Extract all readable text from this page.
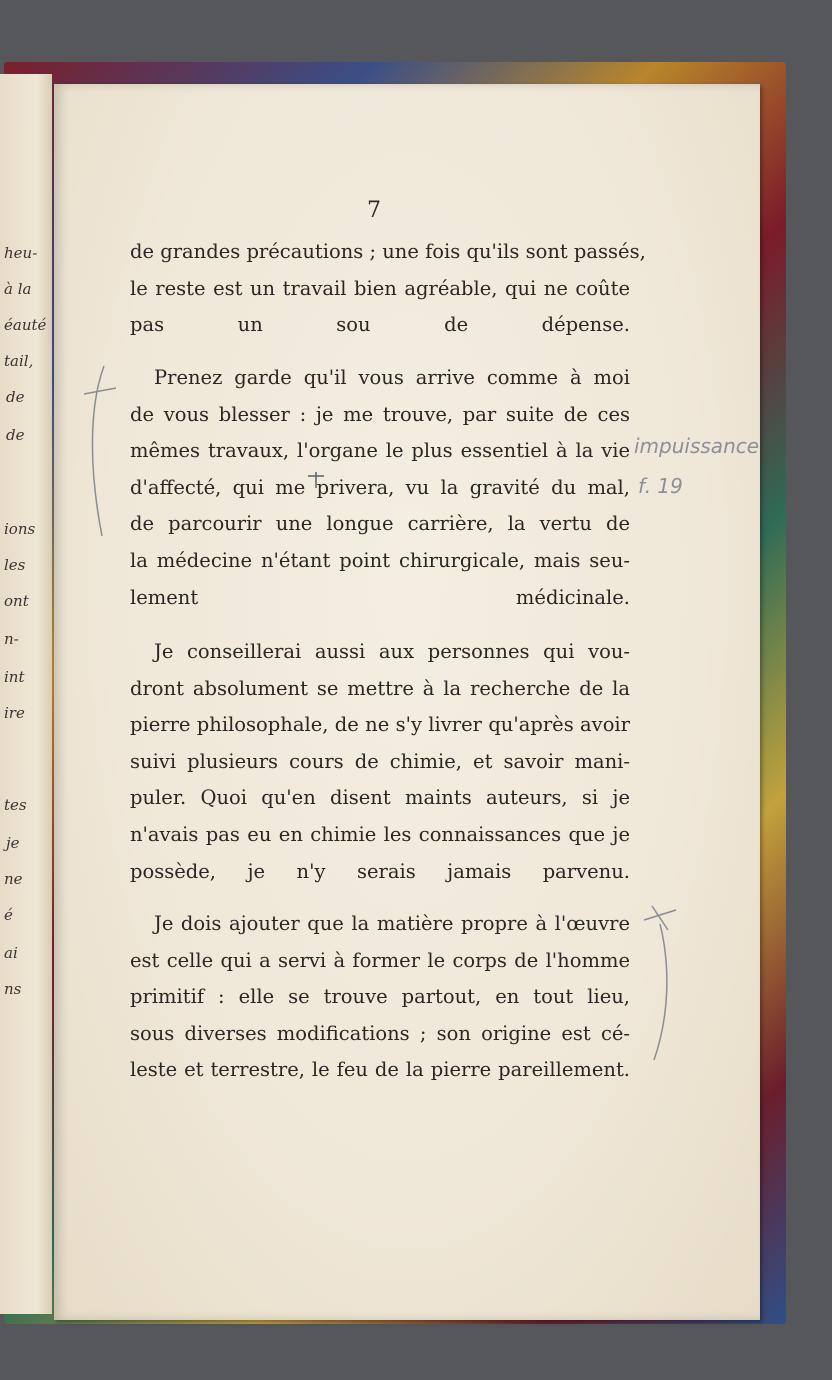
heu-
à la
éauté
tail,
de
de
ions
les
ont
n-
int
ire
tes
je
ne
é
ai
ns
7
de grandes précautions ; une fois qu'ils sont passés,
le reste est un travail bien agréable, qui ne coûte
pas un sou de dépense.
Prenez garde qu'il vous arrive comme à moi
de vous blesser : je me trouve, par suite de ces
mêmes travaux, l'organe le plus essentiel à la vie
d'affecté, qui me privera, vu la gravité du mal,
de parcourir une longue carrière, la vertu de
la médecine n'étant point chirurgicale, mais seu-
lement médicinale.
Je conseillerai aussi aux personnes qui vou-
dront absolument se mettre à la recherche de la
pierre philosophale, de ne s'y livrer qu'après avoir
suivi plusieurs cours de chimie, et savoir mani-
puler. Quoi qu'en disent maints auteurs, si je
n'avais pas eu en chimie les connaissances que je
possède, je n'y serais jamais parvenu.
Je dois ajouter que la matière propre à l'œuvre
est celle qui a servi à former le corps de l'homme
primitif : elle se trouve partout, en tout lieu,
sous diverses modifications ; son origine est cé-
leste et terrestre, le feu de la pierre pareillement.
impuissance
f. 19
